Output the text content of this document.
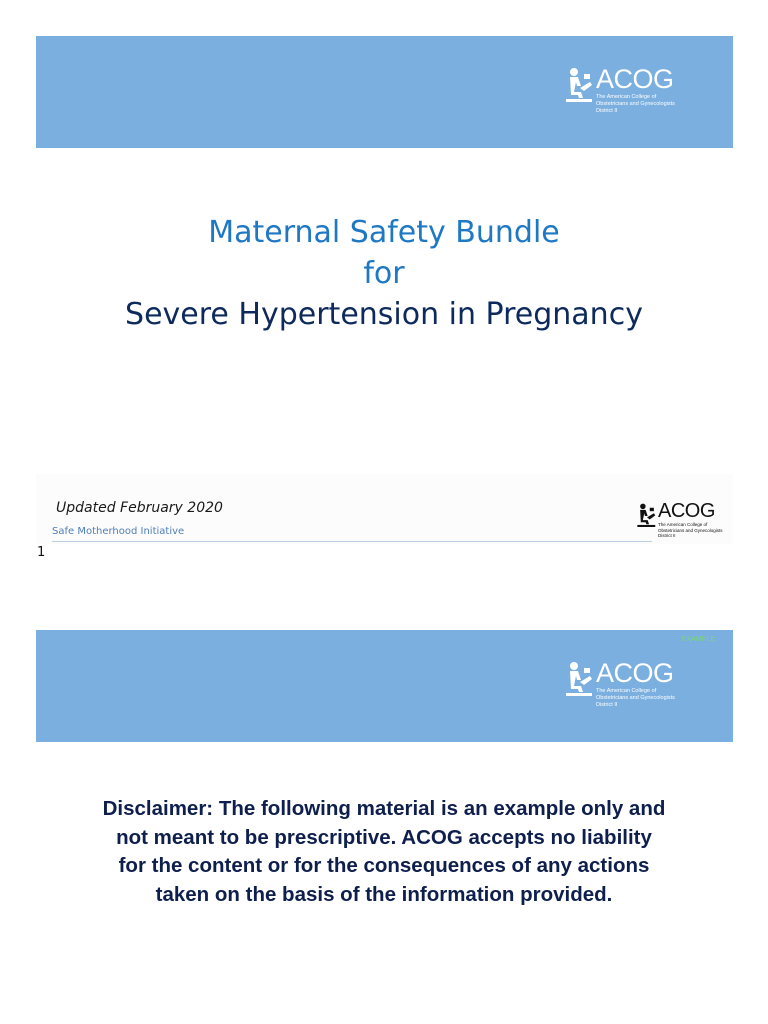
ACOG
The American College of
Obstetricians and Gynecologists
District II
Maternal Safety Bundle
for
Severe Hypertension in Pregnancy
Updated February 2020
Safe Motherhood Initiative
ACOG
The American College of
Obstetricians and Gynecologists
District II
1
EXAMPLE
ACOG
The American College of
Obstetricians and Gynecologists
District II

Disclaimer: The following material is an example only and not meant to be prescriptive. ACOG accepts no liability for the content or for the consequences of any actions taken on the basis of the information provided.
